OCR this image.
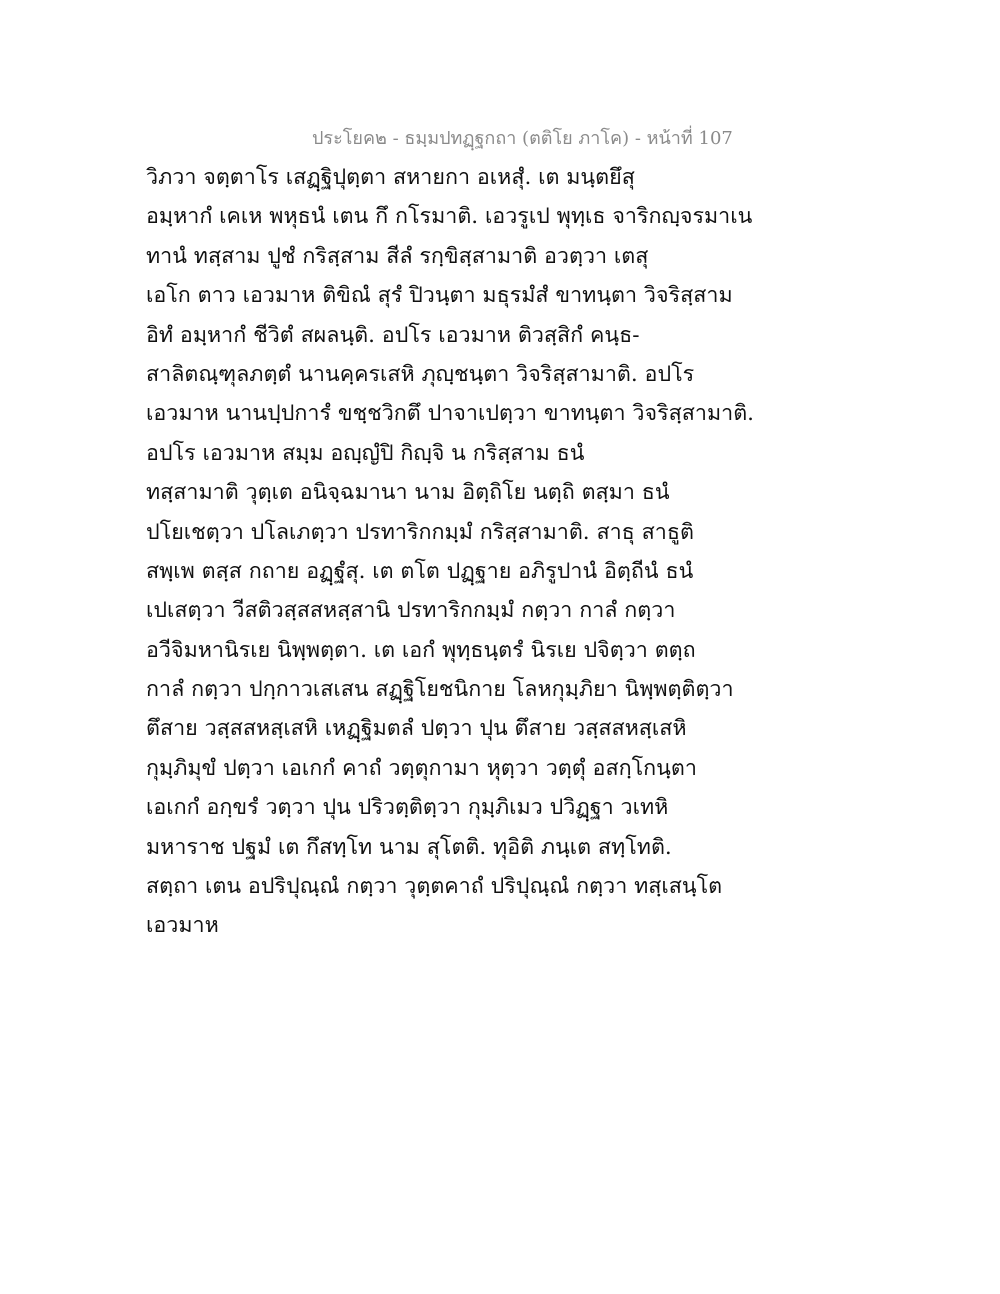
ประโยค๒ - ธมฺมปทฏฺฐกถา (ตติโย ภาโค) - หน้าที่ 107
วิภวา จตฺตาโร เสฏฺฐิปุตฺตา สหายกา อเหสุํ. เต มนฺตยึสุ
อมฺหากํ เคเห พหุธนํ เตน กึ กโรมาติ. เอวรูเป พุทฺเธ จาริกญฺจรมาเน
ทานํ ทสฺสาม ปูชํ กริสฺสาม สีลํ รกฺขิสฺสามาติ อวตฺวา เตสุ
เอโก ตาว เอวมาห ติขิณํ สุรํ ปิวนฺตา มธุรมํสํ ขาทนฺตา วิจริสฺสาม
อิทํ อมฺหากํ ชีวิตํ สผลนฺติ. อปโร เอวมาห ติวสฺสิกํ คนฺธ-
สาลิตณฺฑุลภตฺตํ นานคฺครเสหิ ภุญฺชนฺตา วิจริสฺสามาติ. อปโร
เอวมาห นานปฺปการํ ขชฺชวิกตึ ปาจาเปตฺวา ขาทนฺตา วิจริสฺสามาติ.
อปโร เอวมาห สมฺม อญฺญํปิ กิญฺจิ น กริสฺสาม ธนํ
ทสฺสามาติ วุตฺเต อนิจฺฉมานา นาม อิตฺถิโย นตฺถิ ตสฺมา ธนํ
ปโยเชตฺวา ปโลเภตฺวา ปรทาริกกมฺมํ กริสฺสามาติ. สาธุ สาธูติ
สพฺเพ ตสฺส กถาย อฏฺฐํสุ. เต ตโต ปฏฺฐาย อภิรูปานํ อิตฺถีนํ ธนํ
เปเสตฺวา วีสติวสฺสสหสฺสานิ ปรทาริกกมฺมํ กตฺวา กาลํ กตฺวา
อวีจิมหานิรเย นิพฺพตฺตา. เต เอกํ พุทฺธนฺตรํ นิรเย ปจิตฺวา ตตฺถ
กาลํ กตฺวา ปกฺกาวเสเสน สฏฺฐิโยชนิกาย โลหกุมฺภิยา นิพฺพตฺติตฺวา
ตึสาย วสฺสสหสฺเสหิ เหฏฺฐิมตลํ ปตฺวา ปุน ตึสาย วสฺสสหสฺเสหิ
กุมฺภิมุขํ ปตฺวา เอเกกํ คาถํ วตฺตุกามา หุตฺวา วตฺตุํ อสกฺโกนฺตา
เอเกกํ อกฺขรํ วตฺวา ปุน ปริวตฺติตฺวา กุมฺภิเมว ปวิฏฺฐา วเทหิ
มหาราช ปฐมํ เต กึสทฺโท นาม สุโตติ. ทุอิติ ภนฺเต สทฺโทติ.
สตฺถา เตน อปริปุณฺณํ กตฺวา วุตฺตคาถํ ปริปุณฺณํ กตฺวา ทสฺเสนฺโต
เอวมาห
